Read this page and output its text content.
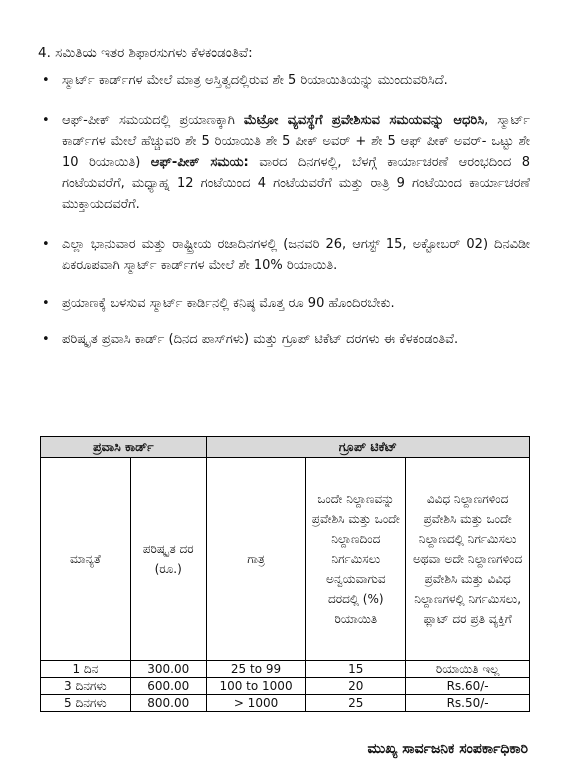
4. ಸಮಿತಿಯ ಇತರ ಶಿಫಾರಸುಗಳು ಕೆಳಕಂಡಂತಿವೆ:
• ಸ್ಮಾರ್ಟ್ ಕಾರ್ಡ್‌ಗಳ ಮೇಲೆ ಮಾತ್ರ ಅಸ್ತಿತ್ವದಲ್ಲಿರುವ ಶೇ 5 ರಿಯಾಯಿತಿಯನ್ನು ಮುಂದುವರಿಸಿದೆ.
• ಆಫ್-ಪೀಕ್ ಸಮಯದಲ್ಲಿ ಪ್ರಯಾಣಕ್ಕಾಗಿ ಮೆಟ್ರೋ ವ್ಯವಸ್ಥೆಗೆ ಪ್ರವೇಶಿಸುವ ಸಮಯವನ್ನು ಆಧರಿಸಿ, ಸ್ಮಾರ್ಟ್ ಕಾರ್ಡ್‌ಗಳ ಮೇಲೆ ಹೆಚ್ಚುವರಿ ಶೇ 5 ರಿಯಾಯಿತಿ ಶೇ 5 ಪೀಕ್ ಅವರ್ + ಶೇ 5 ಆಫ್ ಪೀಕ್ ಅವರ್- ಒಟ್ಟು ಶೇ 10 ರಿಯಾಯಿತಿ) ಆಫ್-ಪೀಕ್ ಸಮಯ: ವಾರದ ದಿನಗಳಲ್ಲಿ, ಬೆಳಗ್ಗೆ ಕಾರ್ಯಾಚರಣೆ ಆರಂಭದಿಂದ 8 ಗಂಟೆಯವರೆಗೆ, ಮಧ್ಯಾಹ್ನ 12 ಗಂಟೆಯಿಂದ 4 ಗಂಟೆಯವರೆಗೆ ಮತ್ತು ರಾತ್ರಿ 9 ಗಂಟೆಯಿಂದ ಕಾರ್ಯಾಚರಣೆ ಮುಕ್ತಾಯದವರೆಗೆ.
• ಎಲ್ಲಾ ಭಾನುವಾರ ಮತ್ತು ರಾಷ್ಟ್ರೀಯ ರಜಾದಿನಗಳಲ್ಲಿ (ಜನವರಿ 26, ಆಗಸ್ಟ್ 15, ಅಕ್ಟೋಬರ್ 02) ದಿನವಿಡೀ ಏಕರೂಪವಾಗಿ ಸ್ಮಾರ್ಟ್ ಕಾರ್ಡ್‌ಗಳ ಮೇಲೆ ಶೇ 10% ರಿಯಾಯಿತಿ.
• ಪ್ರಯಾಣಕ್ಕೆ ಬಳಸುವ ಸ್ಮಾರ್ಟ್ ಕಾರ್ಡಿನಲ್ಲಿ ಕನಿಷ್ಠ ಮೊತ್ತ ರೂ 90 ಹೊಂದಿರಬೇಕು.
• ಪರಿಷ್ಕೃತ ಪ್ರವಾಸಿ ಕಾರ್ಡ್ (ದಿನದ ಪಾಸ್‌ಗಳು) ಮತ್ತು ಗ್ರೂಪ್ ಟಿಕೆಟ್ ದರಗಳು ಈ ಕೆಳಕಂಡಂತಿವೆ.
ಪ್ರವಾಸಿ ಕಾರ್ಡ್		ಗ್ರೂಪ್ ಟಿಕೆಟ್		
ಮಾನ್ಯತೆ	ಪರಿಷ್ಕೃತ ದರ (ರೂ.)	ಗಾತ್ರ	ಒಂದೇ ನಿಲ್ದಾಣವನ್ನು ಪ್ರವೇಶಿಸಿ ಮತ್ತು ಒಂದೇ ನಿಲ್ದಾಣದಿಂದ ನಿರ್ಗಮಿಸಲು ಅನ್ವಯವಾಗುವ ದರದಲ್ಲಿ (%) ರಿಯಾಯಿತಿ	ವಿವಿಧ ನಿಲ್ದಾಣಗಳಿಂದ ಪ್ರವೇಶಿಸಿ ಮತ್ತು ಒಂದೇ ನಿಲ್ದಾಣದಲ್ಲಿ ನಿರ್ಗಮಿಸಲು ಅಥವಾ ಅದೇ ನಿಲ್ದಾಣಗಳಿಂದ ಪ್ರವೇಶಿಸಿ ಮತ್ತು ವಿವಿಧ ನಿಲ್ದಾಣಗಳಲ್ಲಿ ನಿರ್ಗಮಿಸಲು, ಫ್ಲಾಟ್ ದರ ಪ್ರತಿ ವ್ಯಕ್ತಿಗೆ
1 ದಿನ	300.00	25 to 99	15	ರಿಯಾಯಿತಿ ಇಲ್ಲ
3 ದಿನಗಳು	600.00	100 to 1000	20	Rs.60/-
5 ದಿನಗಳು	800.00	> 1000	25	Rs.50/-
ಮುಖ್ಯ ಸಾರ್ವಜನಿಕ ಸಂಪರ್ಕಾಧಿಕಾರಿ
